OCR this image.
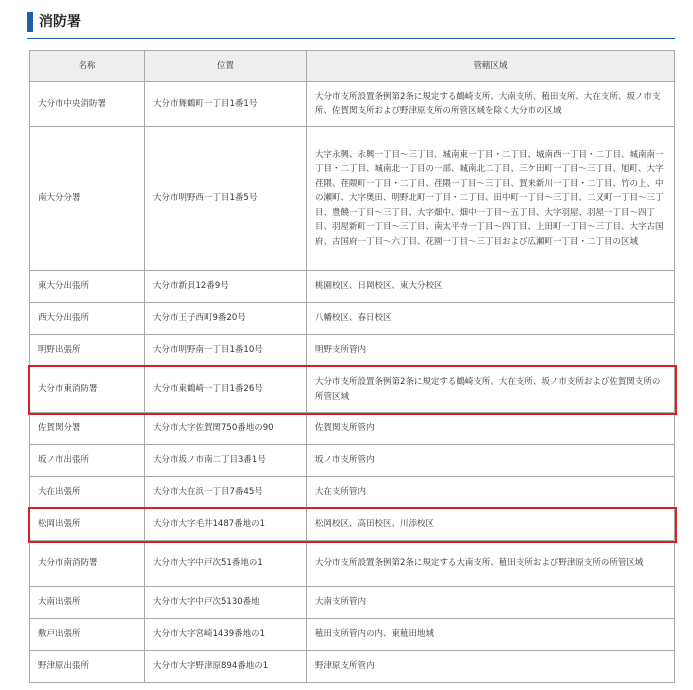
消防署
名称	位置	管轄区域
大分市中央消防署	大分市舞鶴町一丁目1番1号	大分市支所設置条例第2条に規定する鶴崎支所、大南支所、稙田支所、大在支所、坂ノ市支所、佐賀関支所および野津原支所の所管区域を除く大分市の区域
南大分分署	大分市明野西一丁目1番5号	大字永興、永興一丁目～三丁目、城南東一丁目・二丁目、城南西一丁目・二丁目、城南南一丁目・二丁目、城南北一丁目の一部、城南北二丁目、三ケ田町一丁目～三丁目、旭町、大字荏隈、荏隈町一丁目・二丁目、荏隈一丁目～三丁目、賀来新川一丁目・二丁目、竹の上、中の瀬町、大字奥田、明野北町一丁目・二丁目、田中町一丁目～三丁目、二又町一丁目～三丁目、豊饒一丁目～三丁目、大字畑中、畑中一丁目～五丁目、大字羽屋、羽屋一丁目～四丁目、羽屋新町一丁目～三丁目、南太平寺一丁目～四丁目、上田町一丁目～三丁目、大字古国府、古国府一丁目～六丁目、花園一丁目～三丁目および広瀬町一丁目・二丁目の区域
東大分出張所	大分市新貝12番9号	桃園校区、日岡校区、東大分校区
西大分出張所	大分市王子西町9番20号	八幡校区、春日校区
明野出張所	大分市明野南一丁目1番10号	明野支所管内
大分市東消防署	大分市東鶴崎一丁目1番26号	大分市支所設置条例第2条に規定する鶴崎支所、大在支所、坂ノ市支所および佐賀関支所の所管区域
佐賀関分署	大分市大字佐賀関750番地の90	佐賀関支所管内
坂ノ市出張所	大分市坂ノ市南二丁目3番1号	坂ノ市支所管内
大在出張所	大分市大在浜一丁目7番45号	大在支所管内
松岡出張所	大分市大字毛井1487番地の1	松岡校区、高田校区、川添校区
大分市南消防署	大分市大字中戸次51番地の1	大分市支所設置条例第2条に規定する大南支所、稙田支所および野津原支所の所管区域
大南出張所	大分市大字中戸次5130番地	大南支所管内
敷戸出張所	大分市大字宮崎1439番地の1	稙田支所管内の内、東稙田地域
野津原出張所	大分市大字野津原894番地の1	野津原支所管内
